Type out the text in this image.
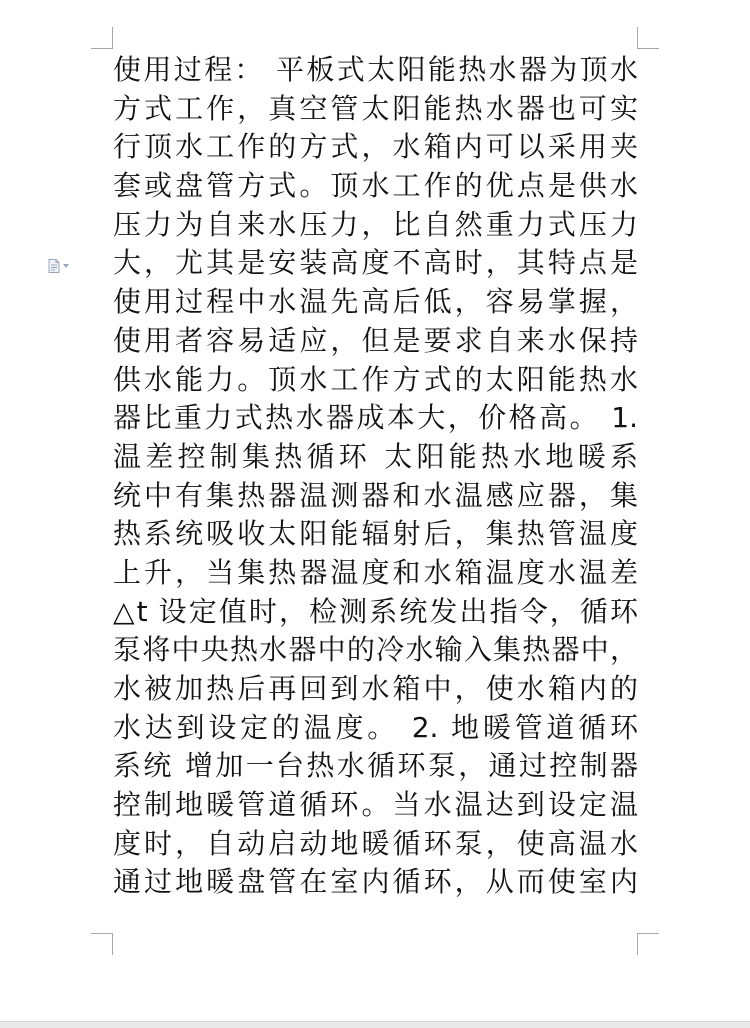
使用过程： 平板式太阳能热水器为顶水
方式工作，真空管太阳能热水器也可实
行顶水工作的方式，水箱内可以采用夹
套或盘管方式。顶水工作的优点是供水
压力为自来水压力，比自然重力式压力
大，尤其是安装高度不高时，其特点是
使用过程中水温先高后低，容易掌握，
使用者容易适应，但是要求自来水保持
供水能力。顶水工作方式的太阳能热水
器比重力式热水器成本大，价格高。 1.
温差控制集热循环 太阳能热水地暖系
统中有集热器温测器和水温感应器，集
热系统吸收太阳能辐射后，集热管温度
上升，当集热器温度和水箱温度水温差
△t 设定值时，检测系统发出指令，循环
泵将中央热水器中的冷水输入集热器中，
水被加热后再回到水箱中，使水箱内的
水达到设定的温度。 2. 地暖管道循环
系统 增加一台热水循环泵，通过控制器
控制地暖管道循环。当水温达到设定温
度时，自动启动地暖循环泵，使高温水
通过地暖盘管在室内循环，从而使室内
